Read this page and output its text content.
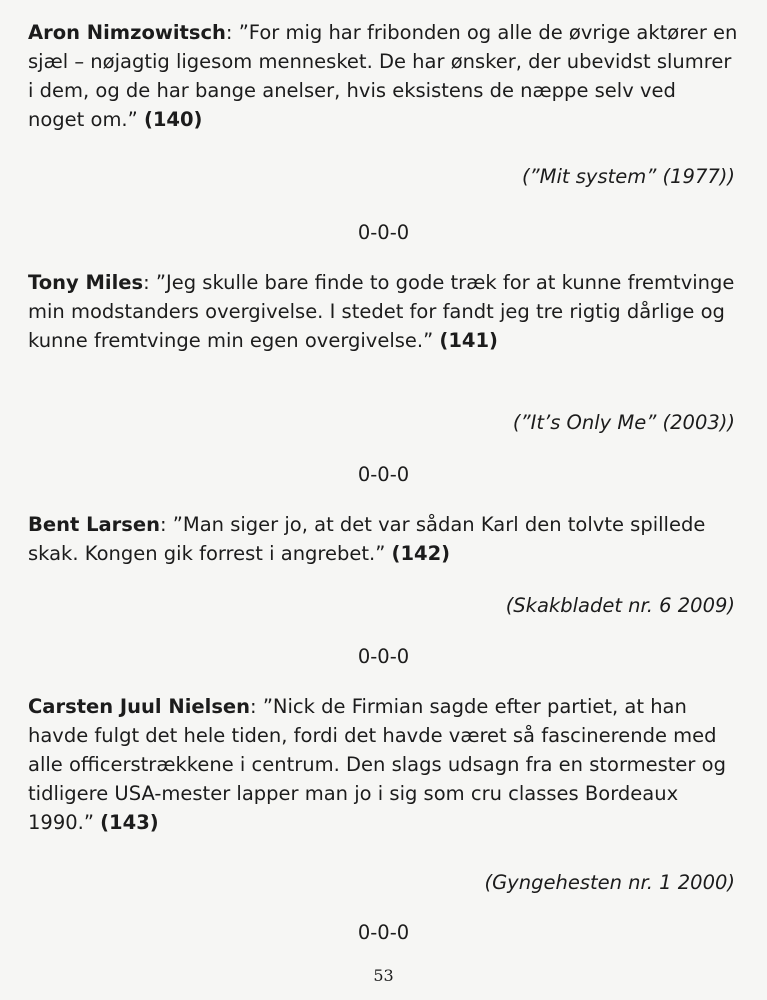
Aron Nimzowitsch: ”For mig har fribonden og alle de øvrige aktører en sjæl – nøjagtig ligesom mennesket. De har ønsker, der ubevidst slumrer i dem, og de har bange anelser, hvis eksistens de næppe selv ved noget om.” (140)
(”Mit system” (1977))
0-0-0
Tony Miles: ”Jeg skulle bare finde to gode træk for at kunne fremtvinge min modstanders overgivelse. I stedet for fandt jeg tre rigtig dårlige og kunne fremtvinge min egen overgivelse.” (141)
(”It’s Only Me” (2003))
0-0-0
Bent Larsen: ”Man siger jo, at det var sådan Karl den tolvte spillede skak. Kongen gik forrest i angrebet.” (142)
(Skakbladet nr. 6 2009)
0-0-0
Carsten Juul Nielsen: ”Nick de Firmian sagde efter partiet, at han havde fulgt det hele tiden, fordi det havde været så fascinerende med alle officerstrækkene i centrum. Den slags udsagn fra en stormester og tidligere USA-mester lapper man jo i sig som cru classes Bordeaux 1990.” (143)
(Gyngehesten nr. 1 2000)
0-0-0
53
